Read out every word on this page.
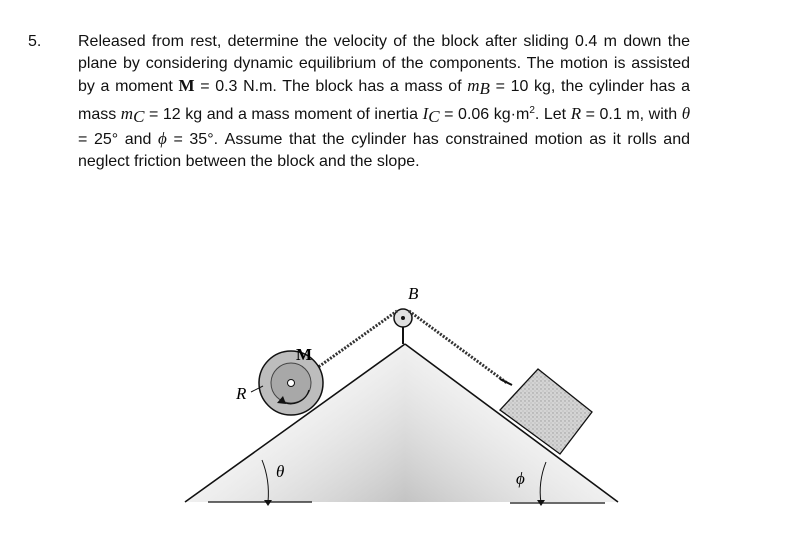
5. Released from rest, determine the velocity of the block after sliding 0.4 m down the plane by considering dynamic equilibrium of the components. The motion is assisted by a moment M = 0.3 N.m. The block has a mass of $m_B = 10$ kg, the cylinder has a mass $m_C = 12$ kg and a mass moment of inertia $I_C = 0.06$ $kg\cdot m^2$. Let R = 0.1 m, with θ = 25° and ϕ = 35°. Assume that the cylinder has constrained motion as it rolls and neglect friction between the block and the slope.
B
M
R
θ	ϕ
